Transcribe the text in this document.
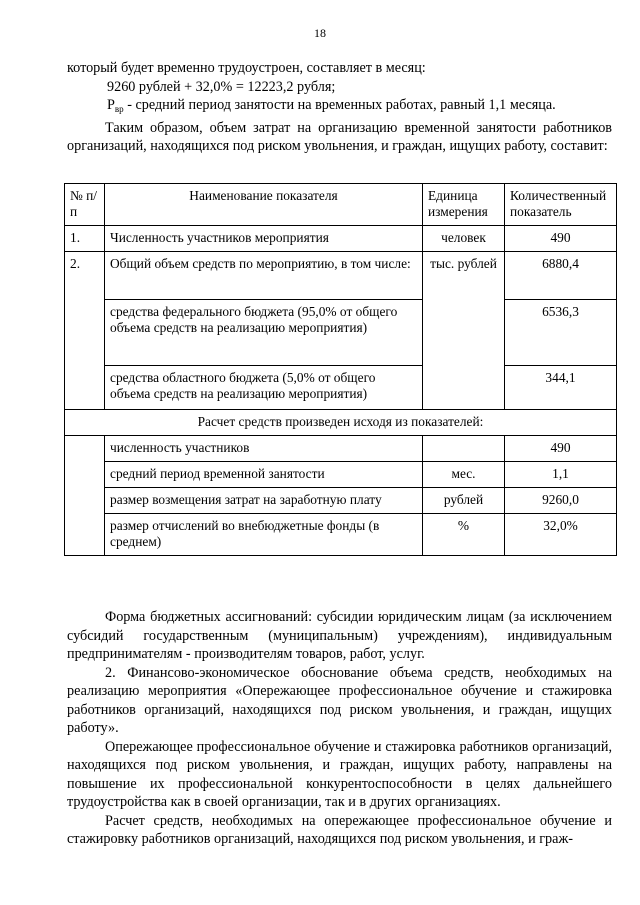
18

который будет временно трудоустроен, составляет в месяц:

9260 рублей + 32,0% = 12223,2 рубля;

$Р_{вр}$ - средний период занятости на временных работах, равный 1,1 месяца.

Таким образом, объем затрат на организацию временной занятости работников организаций, находящихся под риском увольнения, и граждан, ищущих работу, составит:

№ п/п	Наименование показателя	Единица измерения	Количественный показатель
1.	Численность участников мероприятия	человек	490
2.	Общий объем средств по мероприятию, в том числе:	тыс. рублей	6880,4
	средства федерального бюджета (95,0% от общего объема средств на реализацию мероприятия)		6536,3
	средства областного бюджета (5,0% от общего объема средств на реализацию мероприятия)		344,1
Расчет средств произведен исходя из показателей:			
	численность участников		490
	средний период временной занятости	мес.	1,1
	размер возмещения затрат на заработную плату	рублей	9260,0
	размер отчислений во внебюджетные фонды (в среднем)	%	32,0%

Форма бюджетных ассигнований: субсидии юридическим лицам (за исключением субсидий государственным (муниципальным) учреждениям), индивидуальным предпринимателям - производителям товаров, работ, услуг.

2. Финансово-экономическое обоснование объема средств, необходимых на реализацию мероприятия «Опережающее профессиональное обучение и стажировка работников организаций, находящихся под риском увольнения, и граждан, ищущих работу».

Опережающее профессиональное обучение и стажировка работников организаций, находящихся под риском увольнения, и граждан, ищущих работу, направлены на повышение их профессиональной конкурентоспособности в целях дальнейшего трудоустройства как в своей организации, так и в других организациях.

Расчет средств, необходимых на опережающее профессиональное обучение и стажировку работников организаций, находящихся под риском увольнения, и граж-
